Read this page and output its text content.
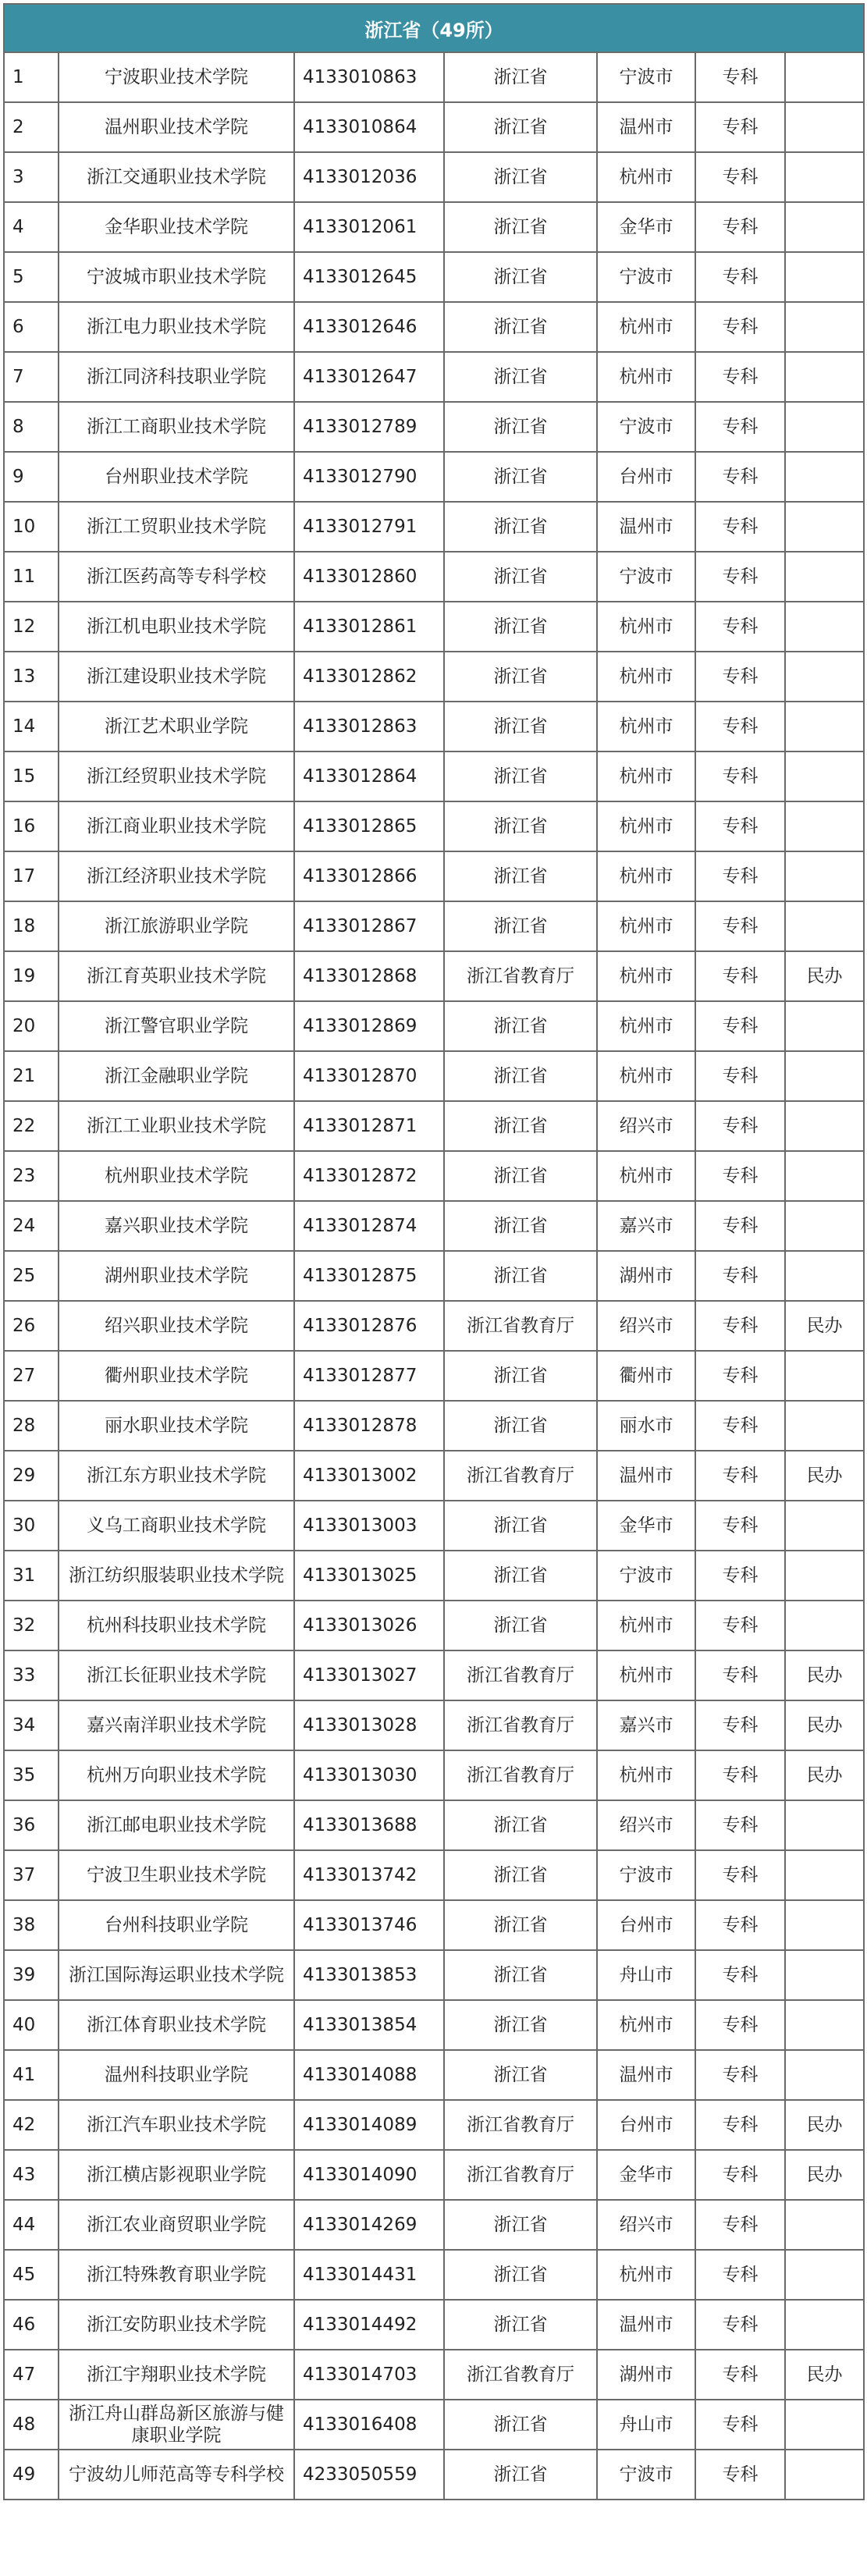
浙江省（49所）						
1	宁波职业技术学院	4133010863	浙江省	宁波市	专科	
2	温州职业技术学院	4133010864	浙江省	温州市	专科	
3	浙江交通职业技术学院	4133012036	浙江省	杭州市	专科	
4	金华职业技术学院	4133012061	浙江省	金华市	专科	
5	宁波城市职业技术学院	4133012645	浙江省	宁波市	专科	
6	浙江电力职业技术学院	4133012646	浙江省	杭州市	专科	
7	浙江同济科技职业学院	4133012647	浙江省	杭州市	专科	
8	浙江工商职业技术学院	4133012789	浙江省	宁波市	专科	
9	台州职业技术学院	4133012790	浙江省	台州市	专科	
10	浙江工贸职业技术学院	4133012791	浙江省	温州市	专科	
11	浙江医药高等专科学校	4133012860	浙江省	宁波市	专科	
12	浙江机电职业技术学院	4133012861	浙江省	杭州市	专科	
13	浙江建设职业技术学院	4133012862	浙江省	杭州市	专科	
14	浙江艺术职业学院	4133012863	浙江省	杭州市	专科	
15	浙江经贸职业技术学院	4133012864	浙江省	杭州市	专科	
16	浙江商业职业技术学院	4133012865	浙江省	杭州市	专科	
17	浙江经济职业技术学院	4133012866	浙江省	杭州市	专科	
18	浙江旅游职业学院	4133012867	浙江省	杭州市	专科	
19	浙江育英职业技术学院	4133012868	浙江省教育厅	杭州市	专科	民办
20	浙江警官职业学院	4133012869	浙江省	杭州市	专科	
21	浙江金融职业学院	4133012870	浙江省	杭州市	专科	
22	浙江工业职业技术学院	4133012871	浙江省	绍兴市	专科	
23	杭州职业技术学院	4133012872	浙江省	杭州市	专科	
24	嘉兴职业技术学院	4133012874	浙江省	嘉兴市	专科	
25	湖州职业技术学院	4133012875	浙江省	湖州市	专科	
26	绍兴职业技术学院	4133012876	浙江省教育厅	绍兴市	专科	民办
27	衢州职业技术学院	4133012877	浙江省	衢州市	专科	
28	丽水职业技术学院	4133012878	浙江省	丽水市	专科	
29	浙江东方职业技术学院	4133013002	浙江省教育厅	温州市	专科	民办
30	义乌工商职业技术学院	4133013003	浙江省	金华市	专科	
31	浙江纺织服装职业技术学院	4133013025	浙江省	宁波市	专科	
32	杭州科技职业技术学院	4133013026	浙江省	杭州市	专科	
33	浙江长征职业技术学院	4133013027	浙江省教育厅	杭州市	专科	民办
34	嘉兴南洋职业技术学院	4133013028	浙江省教育厅	嘉兴市	专科	民办
35	杭州万向职业技术学院	4133013030	浙江省教育厅	杭州市	专科	民办
36	浙江邮电职业技术学院	4133013688	浙江省	绍兴市	专科	
37	宁波卫生职业技术学院	4133013742	浙江省	宁波市	专科	
38	台州科技职业学院	4133013746	浙江省	台州市	专科	
39	浙江国际海运职业技术学院	4133013853	浙江省	舟山市	专科	
40	浙江体育职业技术学院	4133013854	浙江省	杭州市	专科	
41	温州科技职业学院	4133014088	浙江省	温州市	专科	
42	浙江汽车职业技术学院	4133014089	浙江省教育厅	台州市	专科	民办
43	浙江横店影视职业学院	4133014090	浙江省教育厅	金华市	专科	民办
44	浙江农业商贸职业学院	4133014269	浙江省	绍兴市	专科	
45	浙江特殊教育职业学院	4133014431	浙江省	杭州市	专科	
46	浙江安防职业技术学院	4133014492	浙江省	温州市	专科	
47	浙江宇翔职业技术学院	4133014703	浙江省教育厅	湖州市	专科	民办
48	浙江舟山群岛新区旅游与健康职业学院	4133016408	浙江省	舟山市	专科	
49	宁波幼儿师范高等专科学校	4233050559	浙江省	宁波市	专科	
